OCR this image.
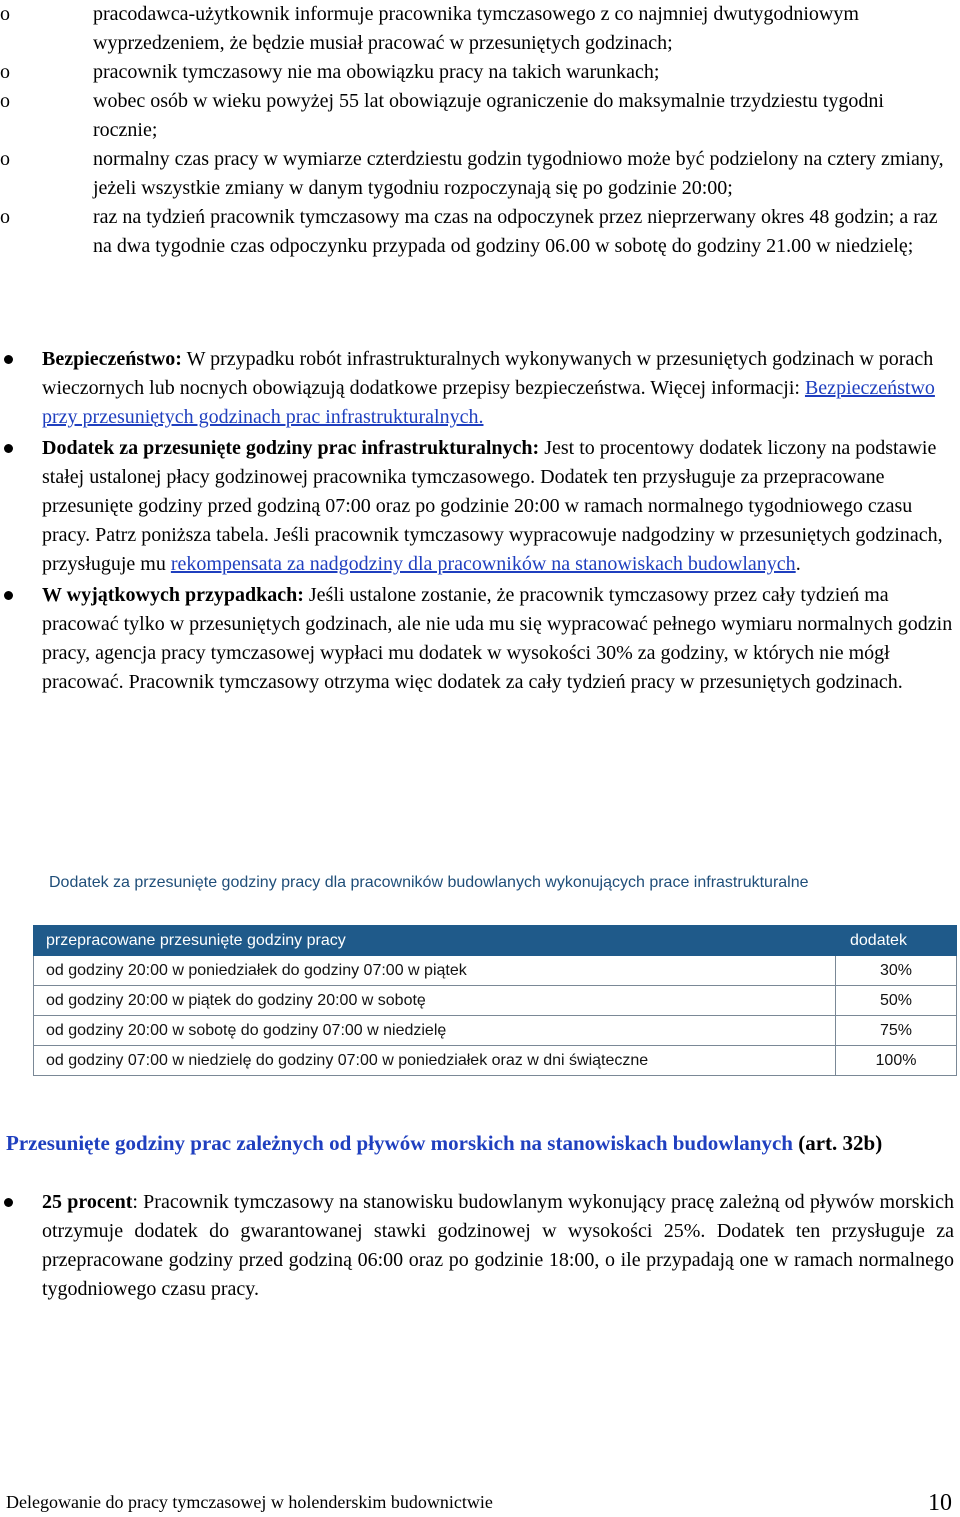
o	pracodawca-użytkownik informuje pracownika tymczasowego z co najmniej dwutygodniowym wyprzedzeniem, że będzie musiał pracować w przesuniętych godzinach;
o	pracownik tymczasowy nie ma obowiązku pracy na takich warunkach;
o	wobec osób w wieku powyżej 55 lat obowiązuje ograniczenie do maksymalnie trzydziestu tygodni rocznie;
o	normalny czas pracy w wymiarze czterdziestu godzin tygodniowo może być podzielony na cztery zmiany, jeżeli wszystkie zmiany w danym tygodniu rozpoczynają się po godzinie 20:00;
o	raz na tydzień pracownik tymczasowy ma czas na odpoczynek przez nieprzerwany okres 48 godzin; a raz na dwa tygodnie czas odpoczynku przypada od godziny 06.00 w sobotę do godziny 21.00 w niedzielę;
Bezpieczeństwo: W przypadku robót infrastrukturalnych wykonywanych w przesuniętych godzinach w porach wieczornych lub nocnych obowiązują dodatkowe przepisy bezpieczeństwa. Więcej informacji: Bezpieczeństwo przy przesuniętych godzinach prac infrastrukturalnych.
Dodatek za przesunięte godziny prac infrastrukturalnych: Jest to procentowy dodatek liczony na podstawie stałej ustalonej płacy godzinowej pracownika tymczasowego. Dodatek ten przysługuje za przepracowane przesunięte godziny przed godziną 07:00 oraz po godzinie 20:00 w ramach normalnego tygodniowego czasu pracy. Patrz poniższa tabela. Jeśli pracownik tymczasowy wypracowuje nadgodziny w przesuniętych godzinach, przysługuje mu rekompensata za nadgodziny dla pracowników na stanowiskach budowlanych.
W wyjątkowych przypadkach: Jeśli ustalone zostanie, że pracownik tymczasowy przez cały tydzień ma pracować tylko w przesuniętych godzinach, ale nie uda mu się wypracować pełnego wymiaru normalnych godzin pracy, agencja pracy tymczasowej wypłaci mu dodatek w wysokości 30% za godziny, w których nie mógł pracować. Pracownik tymczasowy otrzyma więc dodatek za cały tydzień pracy w przesuniętych godzinach.
Dodatek za przesunięte godziny pracy dla pracowników budowlanych wykonujących prace infrastrukturalne
przepracowane przesunięte godziny pracy	dodatek
od godziny 20:00 w poniedziałek do godziny 07:00 w piątek	30%
od godziny 20:00 w piątek do godziny 20:00 w sobotę	50%
od godziny 20:00 w sobotę do godziny 07:00 w niedzielę	75%
od godziny 07:00 w niedzielę do godziny 07:00 w poniedziałek oraz w dni świąteczne	100%
Przesunięte godziny prac zależnych od pływów morskich na stanowiskach budowlanych (art. 32b)
25 procent: Pracownik tymczasowy na stanowisku budowlanym wykonujący pracę zależną od pływów morskich otrzymuje dodatek do gwarantowanej stawki godzinowej w wysokości 25%. Dodatek ten przysługuje za przepracowane godziny przed godziną 06:00 oraz po godzinie 18:00, o ile przypadają one w ramach normalnego tygodniowego czasu pracy.
Delegowanie do pracy tymczasowej w holenderskim budownictwie	10
